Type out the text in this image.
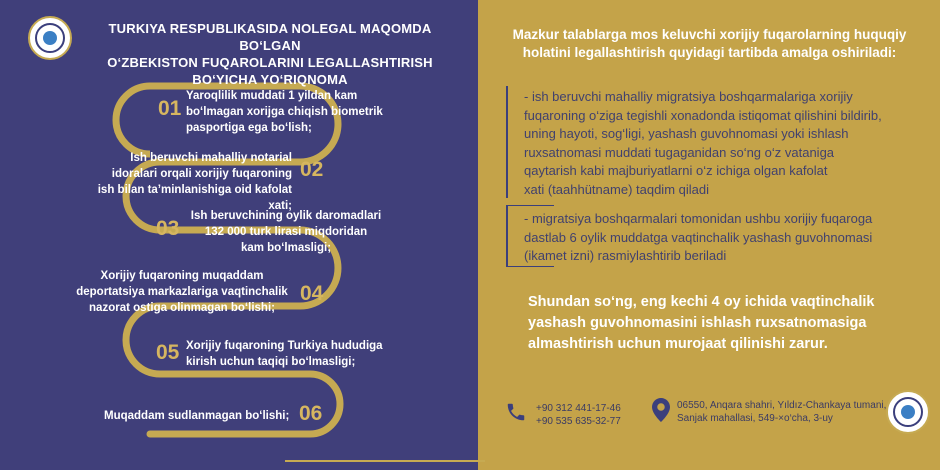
TURKIYA RESPUBLIKASIDA NOLEGAL MAQOMDA BO‘LGAN
O‘ZBEKISTON FUQAROLARINI LEGALLASHTIRISH BO‘YICHA YO‘RIQNOMA
01
Yaroqlilik muddati 1 yildan kam
bo‘lmagan xorijga chiqish biometrik
pasportiga ega bo‘lish;
02
Ish beruvchi mahalliy notarial
idoralari orqali xorijiy fuqaroning
ish bilan ta’minlanishiga oid kafolat xati;
03
Ish beruvchining oylik daromadlari
132 000 turk lirasi miqdoridan
kam bo‘lmasligi;
04
Xorijiy fuqaroning muqaddam
deportatsiya markazlariga vaqtinchalik
nazorat ostiga olinmagan bo‘lishi;
05 Xorijiy fuqaroning Turkiya hududiga
kirish uchun taqiqi bo‘lmasligi;
Muqaddam sudlanmagan bo‘lishi; 06
Mazkur talablarga mos keluvchi xorijiy fuqarolarning huquqiy
holatini legallashtirish quyidagi tartibda amalga oshiriladi:
- ish beruvchi mahalliy migratsiya boshqarmalariga xorijiy
fuqaroning o‘ziga tegishli xonadonda istiqomat qilishini bildirib,
uning hayoti, sog‘ligi, yashash guvohnomasi yoki ishlash
ruxsatnomasi muddati tugaganidan so‘ng o‘z vataniga
qaytarish kabi majburiyatlarni o‘z ichiga olgan kafolat
xati (taahhütname) taqdim qiladi
- migratsiya boshqarmalari tomonidan ushbu xorijiy fuqaroga
dastlab 6 oylik muddatga vaqtinchalik yashash guvohnomasi
(ikamet izni) rasmiylashtirib beriladi
Shundan so‘ng, eng kechi 4 oy ichida vaqtinchalik
yashash guvohnomasini ishlash ruxsatnomasiga
almashtirish uchun murojaat qilinishi zarur.
+90 312 441-17-46
+90 535 635-32-77
06550, Anqara shahri, Yıldız-Chankaya tumani,
Sanjak mahallasi, 549-×o‘cha, 3-uy
